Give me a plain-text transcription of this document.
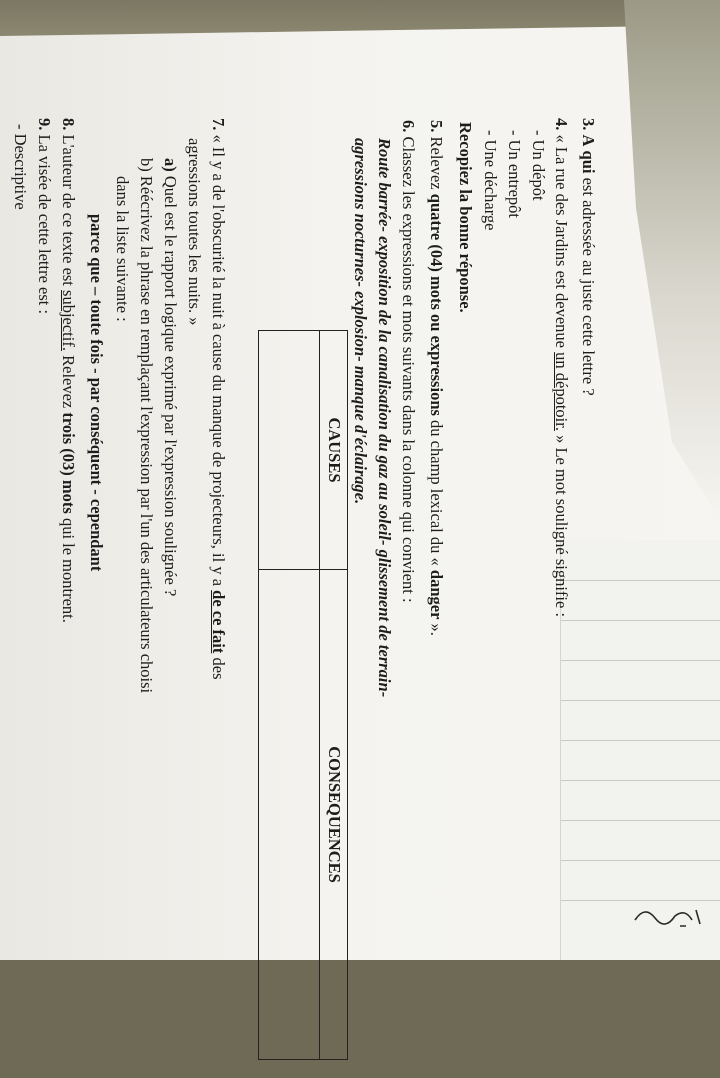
3. A qui est adressée au juste cette lettre ?
4. « La rue des Jardins est devenue un dépotoir. » Le mot souligné signifie :
- Un dépôt
- Un entrepôt
- Une décharge
Recopiez la bonne réponse.
5. Relevez quatre (04) mots ou expressions du champ lexical du « danger ».
6. Classez les expressions et mots suivants dans la colonne qui convient :
Route barrée- exposition de la canalisation du gaz au soleil- glissement de terrain-
agressions nocturnes- explosion- manque d'éclairage.
CAUSES	CONSEQUENCES

7. « Il y a de l'obscurité la nuit à cause du manque de projecteurs, il y a de ce fait des
agressions toutes les nuits. »
a) Quel est le rapport logique exprimé par l'expression soulignée ?
b) Réécrivez la phrase en remplaçant l'expression par l'un des articulateurs choisi
dans la liste suivante :
parce que – toute fois - par conséquent - cependant
8. L'auteur de ce texte est subjectif. Relevez trois (03) mots qui le montrent.
9. La visée de cette lettre est :
- Descriptive
